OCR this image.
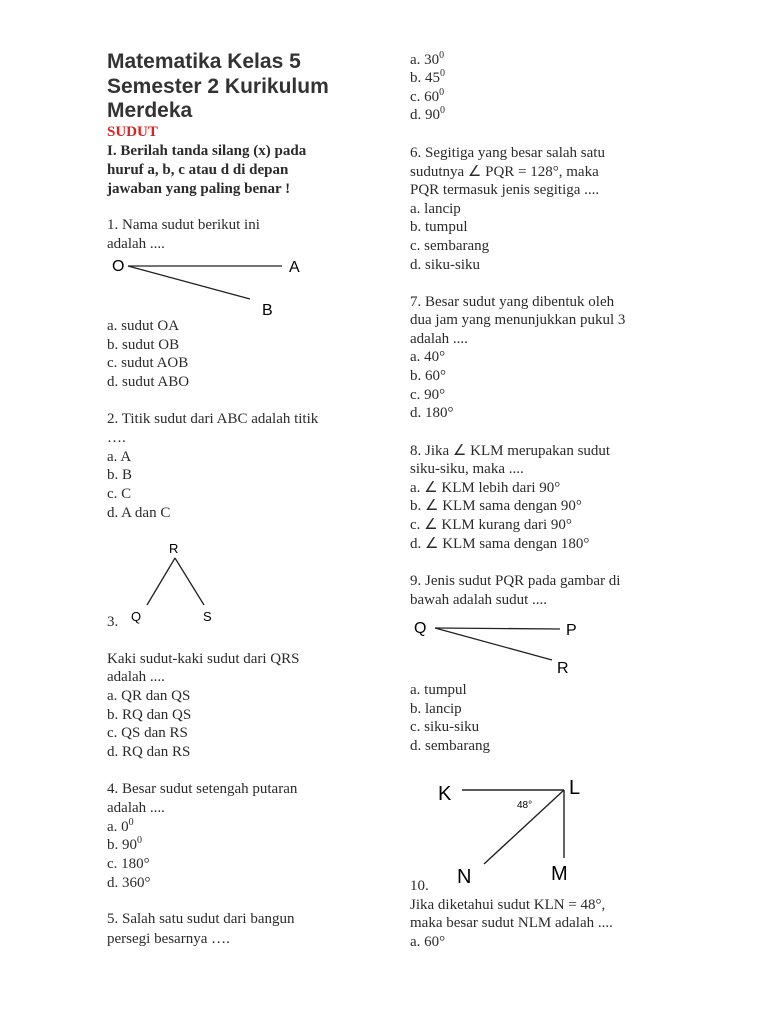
Matematika Kelas 5
Semester 2 Kurikulum
Merdeka
SUDUT
I. Berilah tanda silang (x) pada
huruf a, b, c atau d di depan
jawaban yang paling benar !
1. Nama sudut berikut ini
adalah ....
O	A
B
a. sudut OA
b. sudut OB
c. sudut AOB
d. sudut ABO
2. Titik sudut dari ABC adalah titik
….
a. A
b. B
c. C
d. A dan C
R
Q	S
3.
Kaki sudut-kaki sudut dari QRS
adalah ....
a. QR dan QS
b. RQ dan QS
c. QS dan RS
d. RQ dan RS
4. Besar sudut setengah putaran
adalah ....
a. $0^0$
b. $90^0$
c. 180°
d. 360°
5. Salah satu sudut dari bangun
persegi besarnya ….
a. $30^0$
b. $45^0$
c. $60^0$
d. $90^0$
6. Segitiga yang besar salah satu
sudutnya ∠ PQR = 128°, maka
PQR termasuk jenis segitiga ....
a. lancip
b. tumpul
c. sembarang
d. siku-siku
7. Besar sudut yang dibentuk oleh
dua jam yang menunjukkan pukul 3
adalah ....
a. 40°
b. 60°
c. 90°
d. 180°
8. Jika ∠ KLM merupakan sudut
siku-siku, maka ....
a. ∠ KLM lebih dari 90°
b. ∠ KLM sama dengan 90°
c. ∠ KLM kurang dari 90°
d. ∠ KLM sama dengan 180°
9. Jenis sudut PQR pada gambar di
bawah adalah sudut ....
Q	P
R
a. tumpul
b. lancip
c. siku-siku
d. sembarang
K	L
N	M
48°
10.
Jika diketahui sudut KLN = 48°,
maka besar sudut NLM adalah ....
a. 60°
